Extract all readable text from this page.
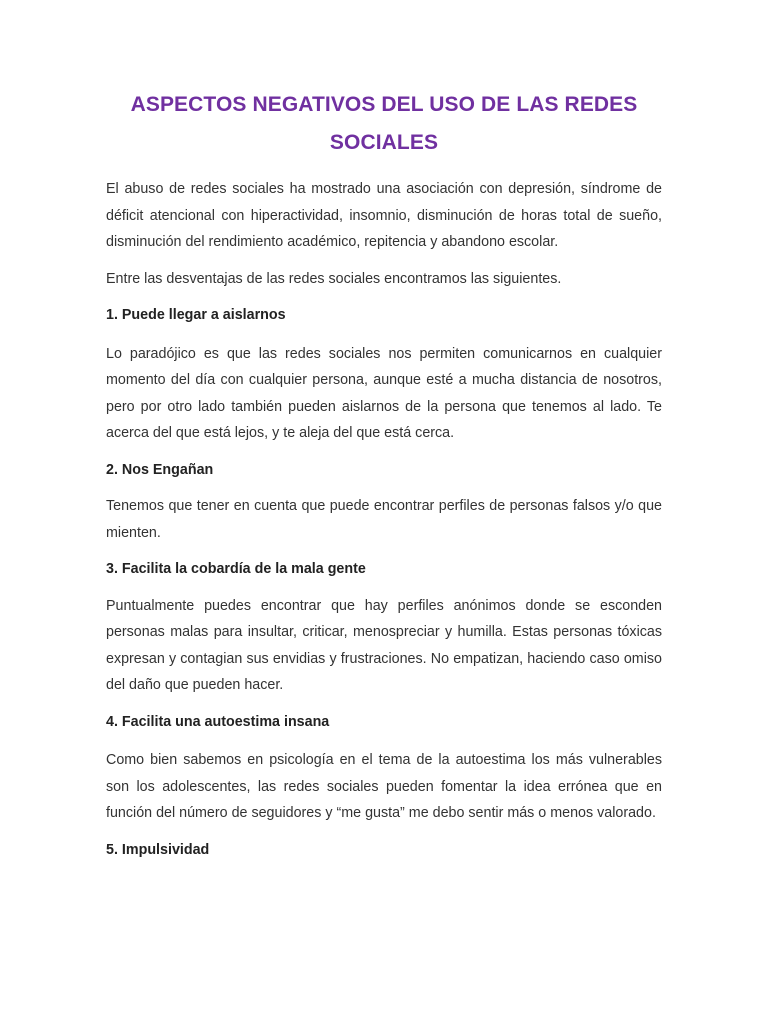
ASPECTOS NEGATIVOS DEL USO DE LAS REDES SOCIALES

El abuso de redes sociales ha mostrado una asociación con depresión, síndrome de déficit atencional con hiperactividad, insomnio, disminución de horas total de sueño, disminución del rendimiento académico, repitencia y abandono escolar.

Entre las desventajas de las redes sociales encontramos las siguientes.

1. Puede llegar a aislarnos

Lo paradójico es que las redes sociales nos permiten comunicarnos en cualquier momento del día con cualquier persona, aunque esté a mucha distancia de nosotros, pero por otro lado también pueden aislarnos de la persona que tenemos al lado. Te acerca del que está lejos, y te aleja del que está cerca.

2. Nos Engañan

Tenemos que tener en cuenta que puede encontrar perfiles de personas falsos y/o que mienten.

3. Facilita la cobardía de la mala gente

Puntualmente puedes encontrar que hay perfiles anónimos donde se esconden personas malas para insultar, criticar, menospreciar y humilla. Estas personas tóxicas expresan y contagian sus envidias y frustraciones. No empatizan, haciendo caso omiso del daño que pueden hacer.

4. Facilita una autoestima insana

Como bien sabemos en psicología en el tema de la autoestima los más vulnerables son los adolescentes, las redes sociales pueden fomentar la idea errónea que en función del número de seguidores y “me gusta” me debo sentir más o menos valorado.

5. Impulsividad
